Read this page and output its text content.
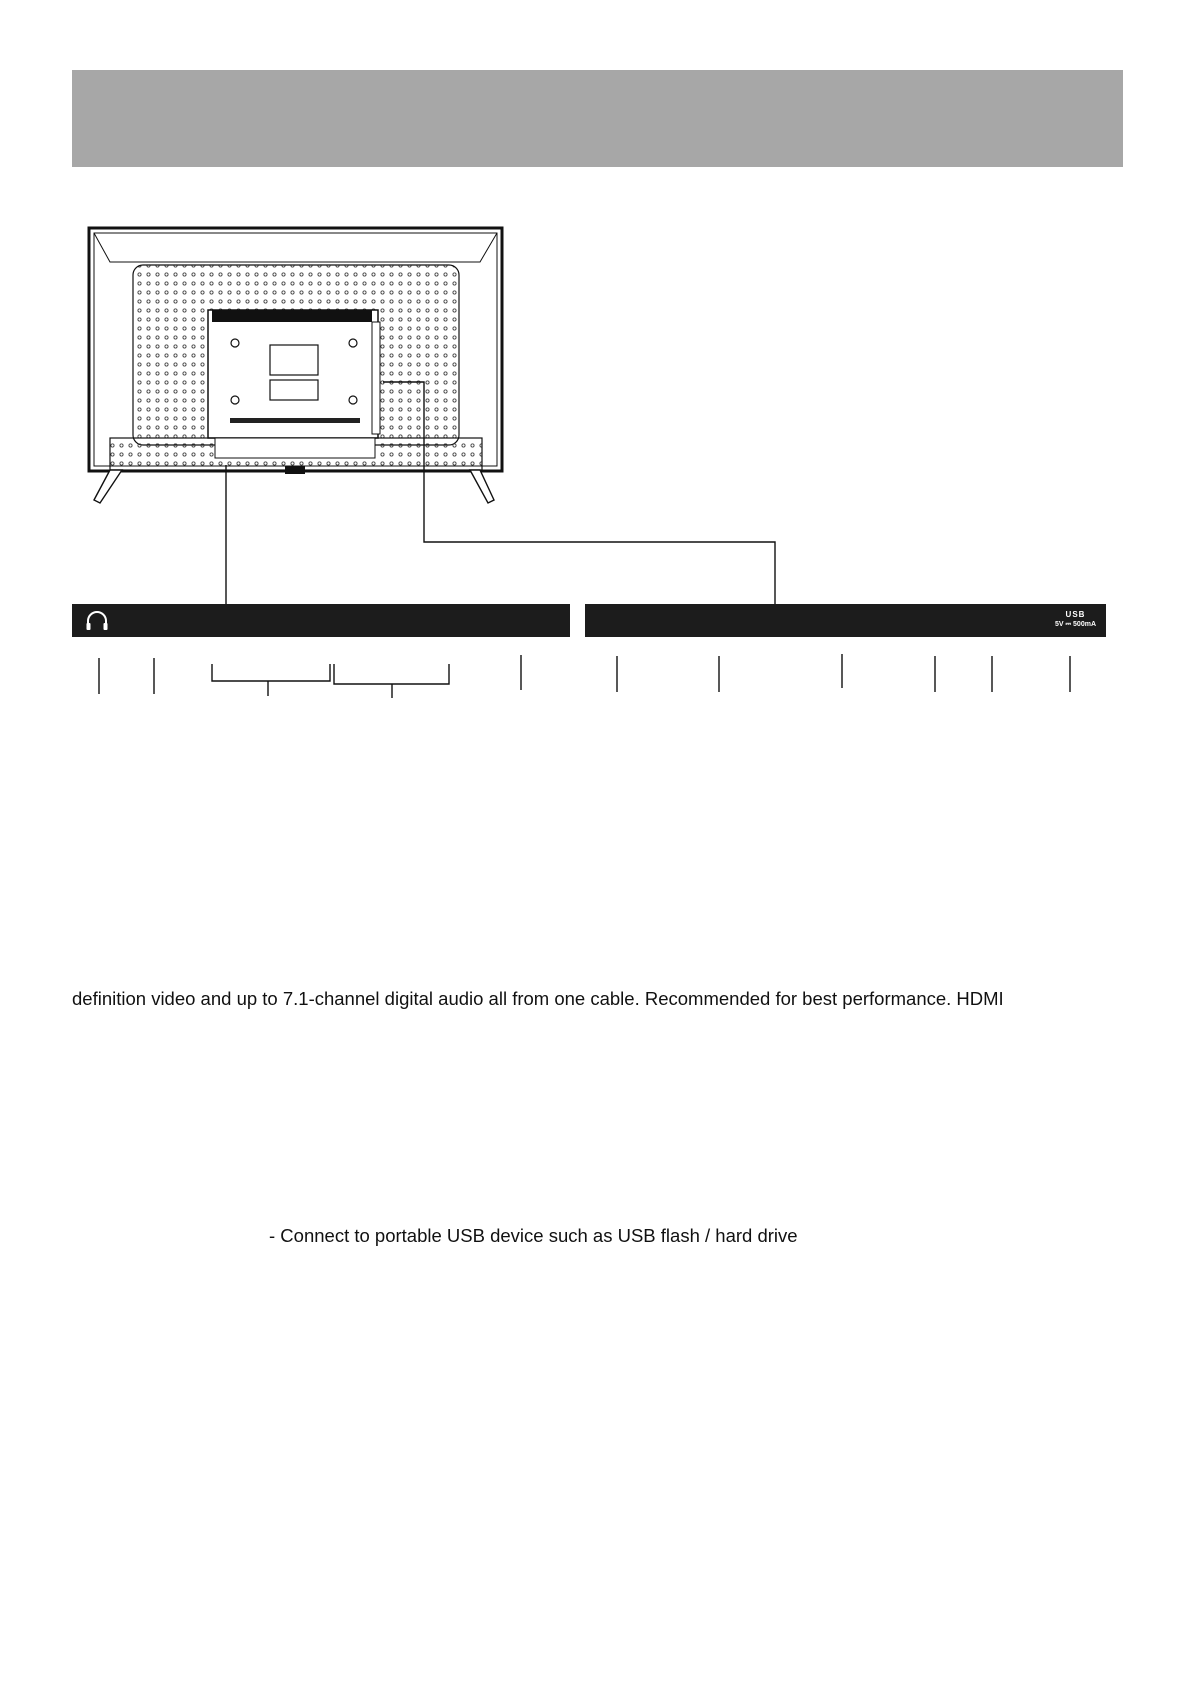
USB
5V ⎓ 500mA
definition video and up to 7.1-channel digital audio all from one cable. Recommended for best performance. HDMI
- Connect to portable USB device such as USB flash / hard drive
